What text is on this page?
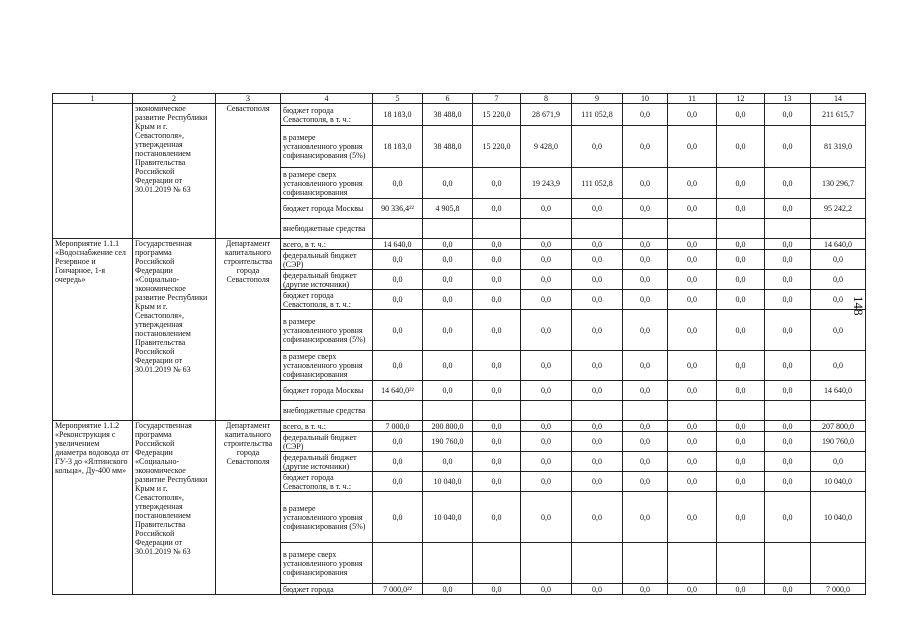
1	2	3	4	5	6	7	8	9	10	11	12	13	14
	экономическое развитие Республики Крым и г. Севастополя», утвержденная постановлением Правительства Российской Федерации от 30.01.2019 № 63	Севастополя	бюджет города Севастополя, в т. ч.:	18 183,0	38 488,0	15 220,0	28 671,9	111 052,8	0,0	0,0	0,0	0,0	211 615,7
			в размере установленного уровня софинансирования (5%)	18 183,0	38 488,0	15 220,0	9 428,0	0,0	0,0	0,0	0,0	0,0	81 319,0
			в размере сверх установленного уровня софинансирования	0,0	0,0	0,0	19 243,9	111 052,8	0,0	0,0	0,0	0,0	130 296,7
			бюджет города Москвы	90 336,4²²	4 905,8	0,0	0,0	0,0	0,0	0,0	0,0	0,0	95 242,2
			внебюджетные средства										
Мероприятие 1.1.1 «Водоснабжение сел Резервное и Гончарное, 1-я очередь»	Государственная программа Российской Федерации «Социально-экономическое развитие Республики Крым и г. Севастополя», утвержденная постановлением Правительства Российской Федерации от 30.01.2019 № 63	Департамент капитального строительства города Севастополя	всего, в т. ч.:	14 640,0	0,0	0,0	0,0	0,0	0,0	0,0	0,0	0,0	14 640,0
			федеральный бюджет (СЭР)	0,0	0,0	0,0	0,0	0,0	0,0	0,0	0,0	0,0	0,0
			федеральный бюджет (другие источники)	0,0	0,0	0,0	0,0	0,0	0,0	0,0	0,0	0,0	0,0
			бюджет города Севастополя, в т. ч.:	0,0	0,0	0,0	0,0	0,0	0,0	0,0	0,0	0,0	0,0
			в размере установленного уровня софинансирования (5%)	0,0	0,0	0,0	0,0	0,0	0,0	0,0	0,0	0,0	0,0
			в размере сверх установленного уровня софинансирования	0,0	0,0	0,0	0,0	0,0	0,0	0,0	0,0	0,0	0,0
			бюджет города Москвы	14 640,0²²	0,0	0,0	0,0	0,0	0,0	0,0	0,0	0,0	14 640,0
			внебюджетные средства										
Мероприятие 1.1.2 «Реконструкция с увеличением диаметра водовода от ГУ-3 до «Ялтинского кольца», Ду-400 мм»	Государственная программа Российской Федерации «Социально-экономическое развитие Республики Крым и г. Севастополя», утвержденная постановлением Правительства Российской Федерации от 30.01.2019 № 63	Департамент капитального строительства города Севастополя	всего, в т. ч.:	7 000,0	200 800,0	0,0	0,0	0,0	0,0	0,0	0,0	0,0	207 800,0
			федеральный бюджет (СЭР)	0,0	190 760,0	0,0	0,0	0,0	0,0	0,0	0,0	0,0	190 760,0
			федеральный бюджет (другие источники)	0,0	0,0	0,0	0,0	0,0	0,0	0,0	0,0	0,0	0,0
			бюджет города Севастополя, в т. ч.:	0,0	10 040,0	0,0	0,0	0,0	0,0	0,0	0,0	0,0	10 040,0
			в размере установленного уровня софинансирования (5%)	0,0	10 040,0	0,0	0,0	0,0	0,0	0,0	0,0	0,0	10 040,0
			в размере сверх установленного уровня софинансирования										
			бюджет города	7 000,0²²	0,0	0,0	0,0	0,0	0,0	0,0	0,0	0,0	7 000,0
148
